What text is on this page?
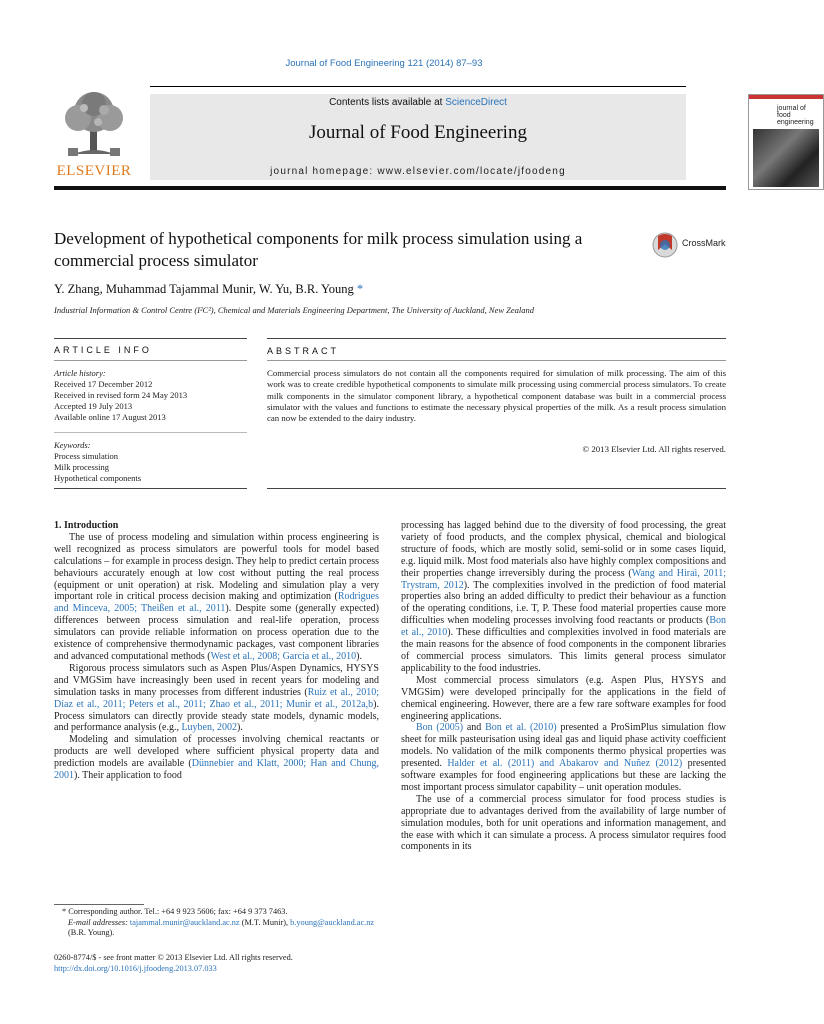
Journal of Food Engineering 121 (2014) 87–93
ELSEVIER
Contents lists available at ScienceDirect
Journal of Food Engineering
journal homepage: www.elsevier.com/locate/jfoodeng
journal of food engineering
Development of hypothetical components for milk process simulation using a commercial process simulator
CrossMark
Y. Zhang, Muhammad Tajammal Munir, W. Yu, B.R. Young *
Industrial Information & Control Centre (I²C²), Chemical and Materials Engineering Department, The University of Auckland, New Zealand
ARTICLE INFO	ABSTRACT
Article history:
Received 17 December 2012
Received in revised form 24 May 2013
Accepted 19 July 2013
Available online 17 August 2013
Keywords:
Process simulation
Milk processing
Hypothetical components
Commercial process simulators do not contain all the components required for simulation of milk processing. The aim of this work was to create credible hypothetical components to simulate milk processing using commercial process simulators. To create milk components in the simulator component library, a hypothetical component database was built in a commercial process simulator with the values and functions to estimate the necessary physical properties of the milk. As a result process simulation can now be extended to the dairy industry.
© 2013 Elsevier Ltd. All rights reserved.

1. Introduction

The use of process modeling and simulation within process engineering is well recognized as process simulators are powerful tools for model based calculations – for example in process design. They help to predict certain process behaviours accurately enough at low cost without putting the real process (equipment or unit operation) at risk. Modeling and simulation play a very important role in critical process decision making and optimization (Rodrigues and Minceva, 2005; Theißen et al., 2011). Despite some (generally expected) differences between process simulation and real-life operation, process simulators can provide reliable information on process operation due to the existence of comprehensive thermodynamic packages, vast component libraries and advanced computational methods (West et al., 2008; García et al., 2010).

Rigorous process simulators such as Aspen Plus/Aspen Dynamics, HYSYS and VMGSim have increasingly been used in recent years for modeling and simulation tasks in many processes from different industries (Ruiz et al., 2010; Díaz et al., 2011; Peters et al., 2011; Zhao et al., 2011; Munir et al., 2012a,b). Process simulators can directly provide steady state models, dynamic models, and performance analysis (e.g., Luyben, 2002).

Modeling and simulation of processes involving chemical reactants or products are well developed where sufficient physical property data and prediction models are available (Dünnebier and Klatt, 2000; Han and Chung, 2001). Their application to food

processing has lagged behind due to the diversity of food processing, the great variety of food products, and the complex physical, chemical and biological structure of foods, which are mostly solid, semi-solid or in some cases liquid, e.g. liquid milk. Most food materials also have highly complex compositions and their properties change irreversibly during the process (Wang and Hirai, 2011; Trystram, 2012). The complexities involved in the prediction of food material properties also bring an added difficulty to predict their behaviour as a function of the operating conditions, i.e. T, P. These food material properties cause more difficulties when modeling processes involving food reactants or products (Bon et al., 2010). These difficulties and complexities involved in food materials are the main reasons for the absence of food components in the component libraries of commercial process simulators. This limits general process simulator applicability to the food industries.

Most commercial process simulators (e.g. Aspen Plus, HYSYS and VMGSim) were developed principally for the applications in the field of chemical engineering. However, there are a few rare software examples for food engineering applications.

Bon (2005) and Bon et al. (2010) presented a ProSimPlus simulation flow sheet for milk pasteurisation using ideal gas and liquid phase activity coefficient models. No validation of the milk components thermo physical properties was presented. Halder et al. (2011) and Abakarov and Nuñez (2012) presented software examples for food engineering applications but these are lacking the most important process simulator capability – unit operation modules.

The use of a commercial process simulator for food process studies is appropriate due to advantages derived from the availability of large number of simulation modules, both for unit operations and information management, and the ease with which it can simulate a process. A process simulator requires food components in its

* Corresponding author. Tel.: +64 9 923 5606; fax: +64 9 373 7463.
E-mail addresses: tajammal.munir@auckland.ac.nz (M.T. Munir), b.young@auckland.ac.nz (B.R. Young).
0260-8774/$ - see front matter © 2013 Elsevier Ltd. All rights reserved.
http://dx.doi.org/10.1016/j.jfoodeng.2013.07.033
